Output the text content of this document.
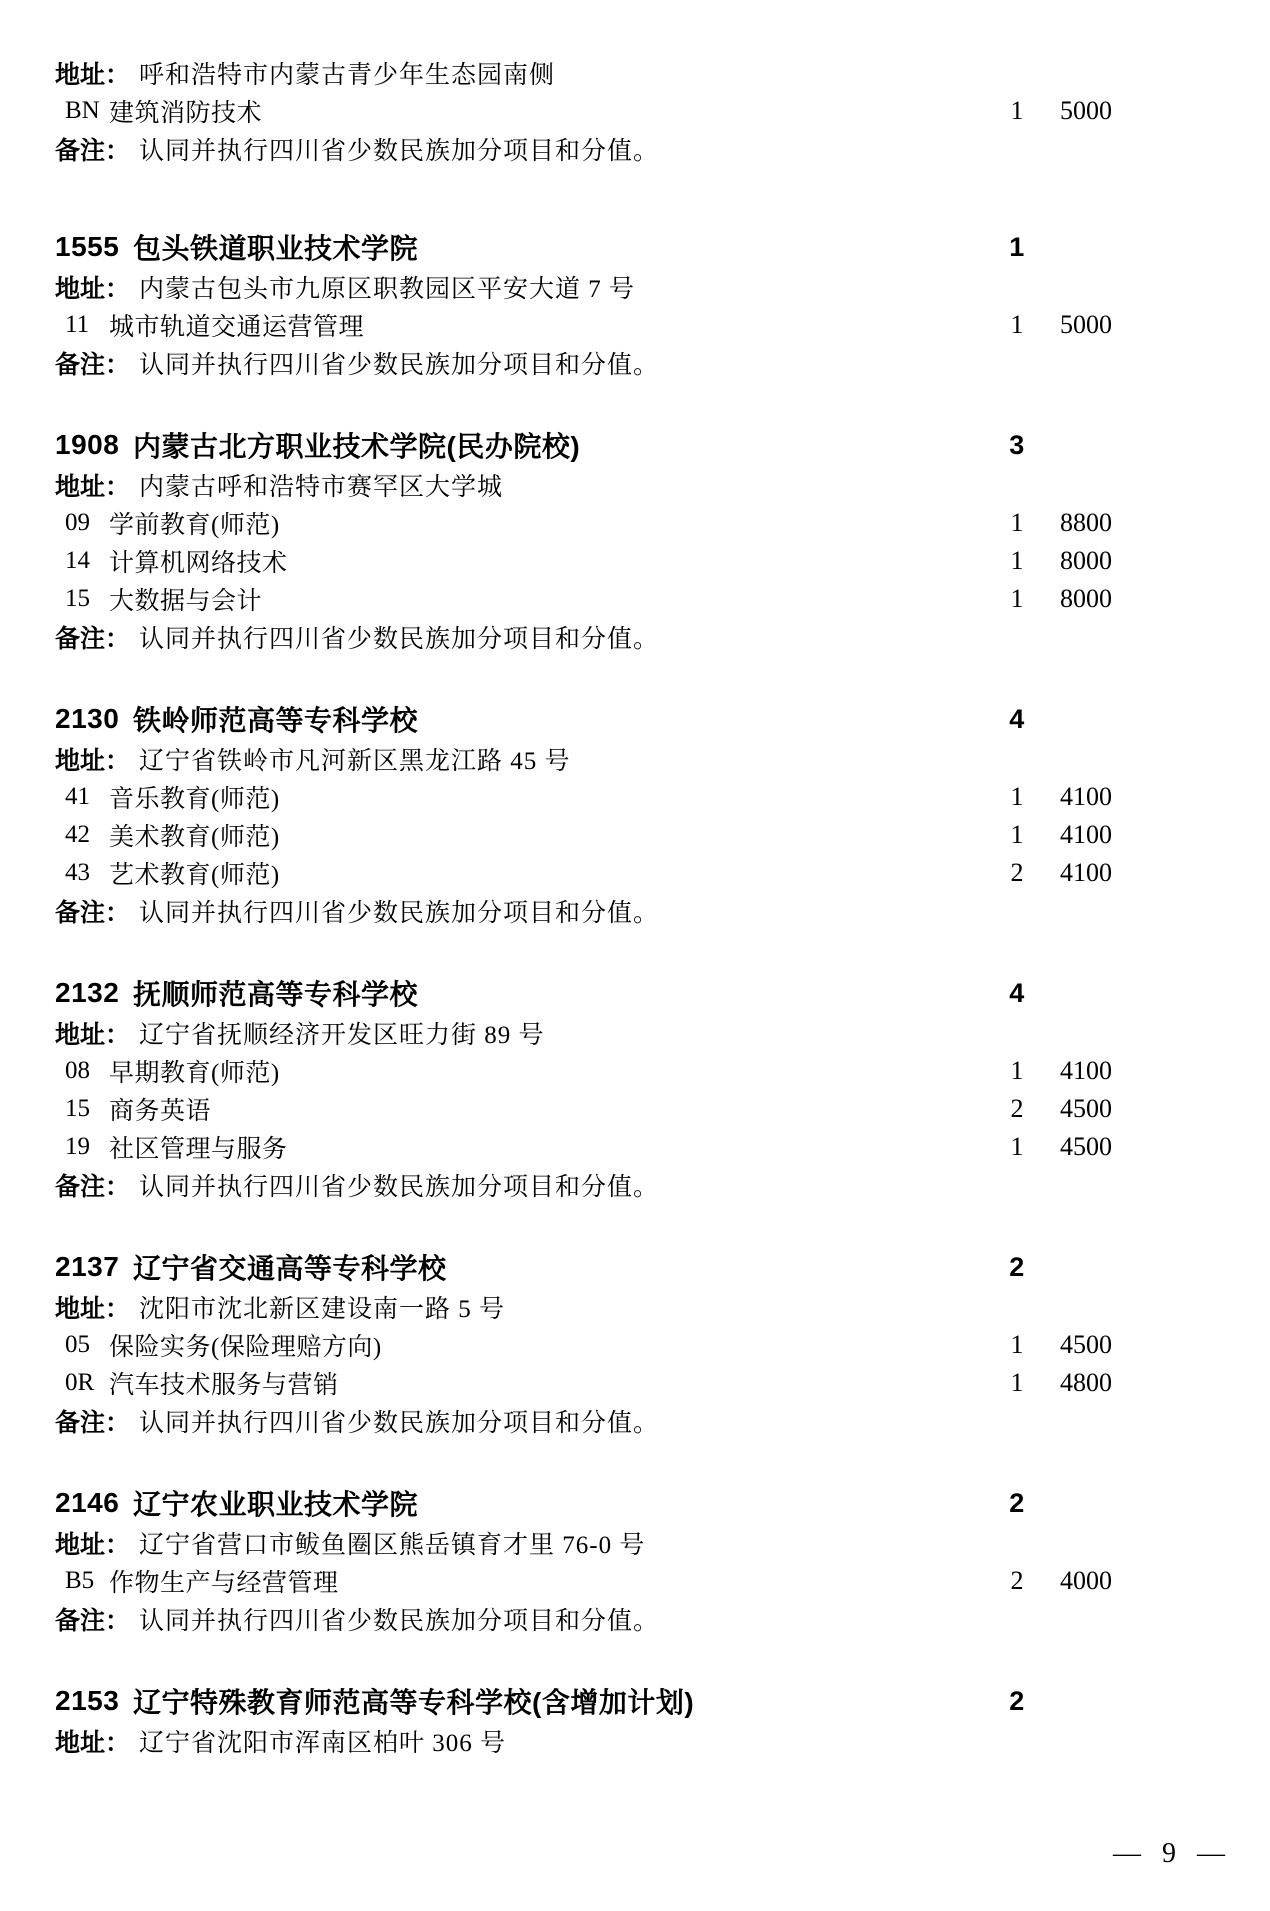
地址： 呼和浩特市内蒙古青少年生态园南侧
BN 建筑消防技术	1	5000
备注： 认同并执行四川省少数民族加分项目和分值。
1555 包头铁道职业技术学院	1
地址： 内蒙古包头市九原区职教园区平安大道 7 号
11 城市轨道交通运营管理	1	5000
备注： 认同并执行四川省少数民族加分项目和分值。
1908 内蒙古北方职业技术学院(民办院校)	3
地址： 内蒙古呼和浩特市赛罕区大学城
09 学前教育(师范)	1	8800
14 计算机网络技术	1	8000
15 大数据与会计	1	8000
备注： 认同并执行四川省少数民族加分项目和分值。
2130 铁岭师范高等专科学校	4
地址： 辽宁省铁岭市凡河新区黑龙江路 45 号
41 音乐教育(师范)	1	4100
42 美术教育(师范)	1	4100
43 艺术教育(师范)	2	4100
备注： 认同并执行四川省少数民族加分项目和分值。
2132 抚顺师范高等专科学校	4
地址： 辽宁省抚顺经济开发区旺力街 89 号
08 早期教育(师范)	1	4100
15 商务英语	2	4500
19 社区管理与服务	1	4500
备注： 认同并执行四川省少数民族加分项目和分值。
2137 辽宁省交通高等专科学校	2
地址： 沈阳市沈北新区建设南一路 5 号
05 保险实务(保险理赔方向)	1	4500
0R 汽车技术服务与营销	1	4800
备注： 认同并执行四川省少数民族加分项目和分值。
2146 辽宁农业职业技术学院	2
地址： 辽宁省营口市鲅鱼圈区熊岳镇育才里 76-0 号
B5 作物生产与经营管理	2	4000
备注： 认同并执行四川省少数民族加分项目和分值。
2153 辽宁特殊教育师范高等专科学校(含增加计划)	2
地址： 辽宁省沈阳市浑南区柏叶 306 号
— 9 —
